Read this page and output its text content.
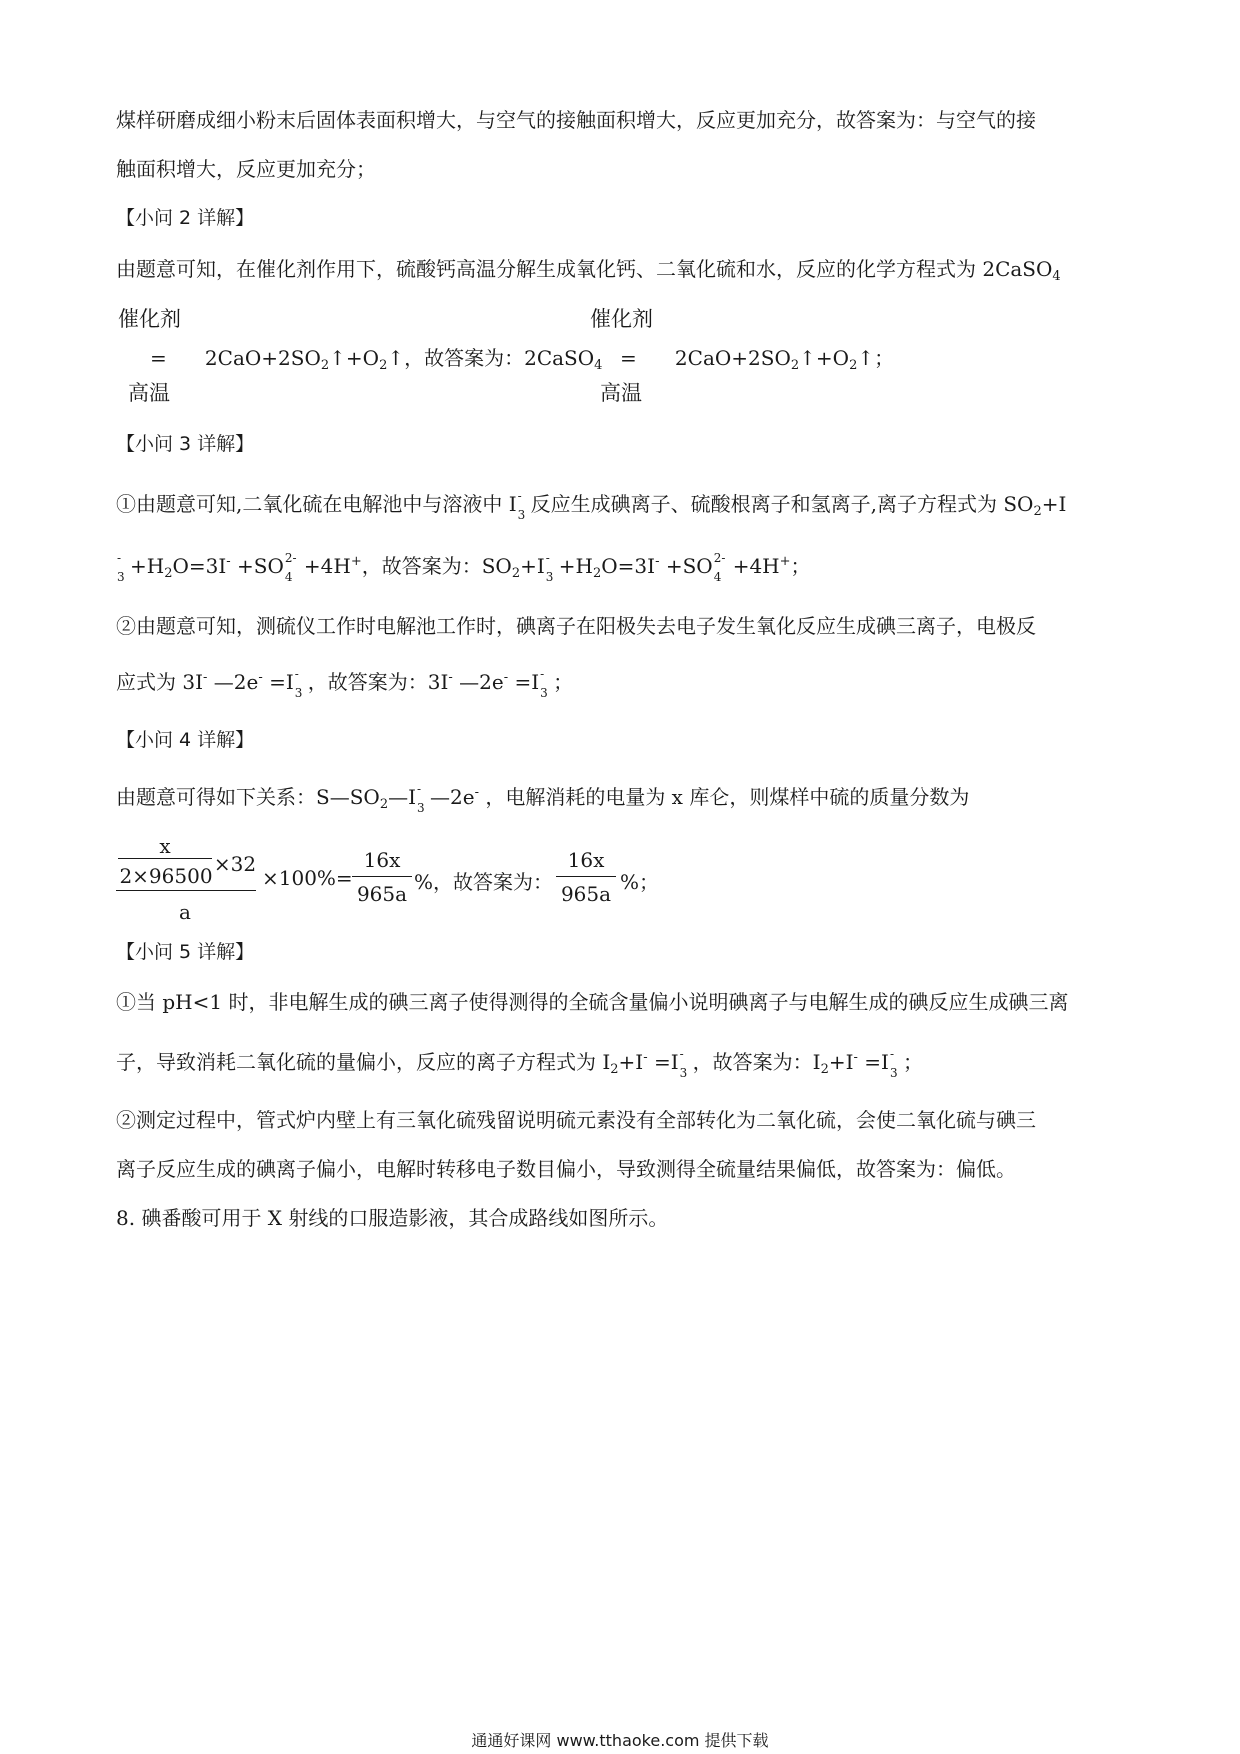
煤样研磨成细小粉末后固体表面积增大，与空气的接触面积增大，反应更加充分，故答案为：与空气的接
触面积增大，反应更加充分；
【小问 2 详解】
由题意可知，在催化剂作用下，硫酸钙高温分解生成氧化钙、二氧化硫和水，反应的化学方程式为 2CaSO$_4$
催化剂
高温
催化剂
高温
= $2CaO+2SO_2↑+O_2↑$，故答案为：2CaSO$_4$ = $2CaO+2SO_2↑+O_2↑$；
【小问 3 详解】
①由题意可知,二氧化硫在电解池中与溶液中 I -
3 反应生成碘离子、硫酸根离子和氢离子,离子方程式为 $SO_2+I$
-
$3 +H_2O=3I^- +SO$ 2-
4 +4H+，故答案为：$SO_2+I$ -
$3 +H_2O=3I^- +SO$ 2-
4 +4H+；
②由题意可知，测硫仪工作时电解池工作时，碘离子在阳极失去电子发生氧化反应生成碘三离子，电极反
应式为 3I- —2e- =I -
3 ，故答案为：3I- —2e- =I -
3 ；
【小问 4 详解】
由题意可得如下关系：$S—SO_2—I$ -
3 —2e- ，电解消耗的电量为 x 库仑，则煤样中硫的质量分数为
x
2×96500 ×32
a
×100%=
16x
965a %，故答案为：
16x
965a %；
【小问 5 详解】
①当 pH<1 时，非电解生成的碘三离子使得测得的全硫含量偏小说明碘离子与电解生成的碘反应生成碘三离
子，导致消耗二氧化硫的量偏小，反应的离子方程式为 $I_2+I^- =I$ -
3 ，故答案为：$I_2+I^- =I$ -
3 ；
②测定过程中，管式炉内壁上有三氧化硫残留说明硫元素没有全部转化为二氧化硫，会使二氧化硫与碘三
离子反应生成的碘离子偏小，电解时转移电子数目偏小，导致测得全硫量结果偏低，故答案为：偏低。
8. 碘番酸可用于 X 射线的口服造影液，其合成路线如图所示。
通通好课网 www.tthaoke.com 提供下载
